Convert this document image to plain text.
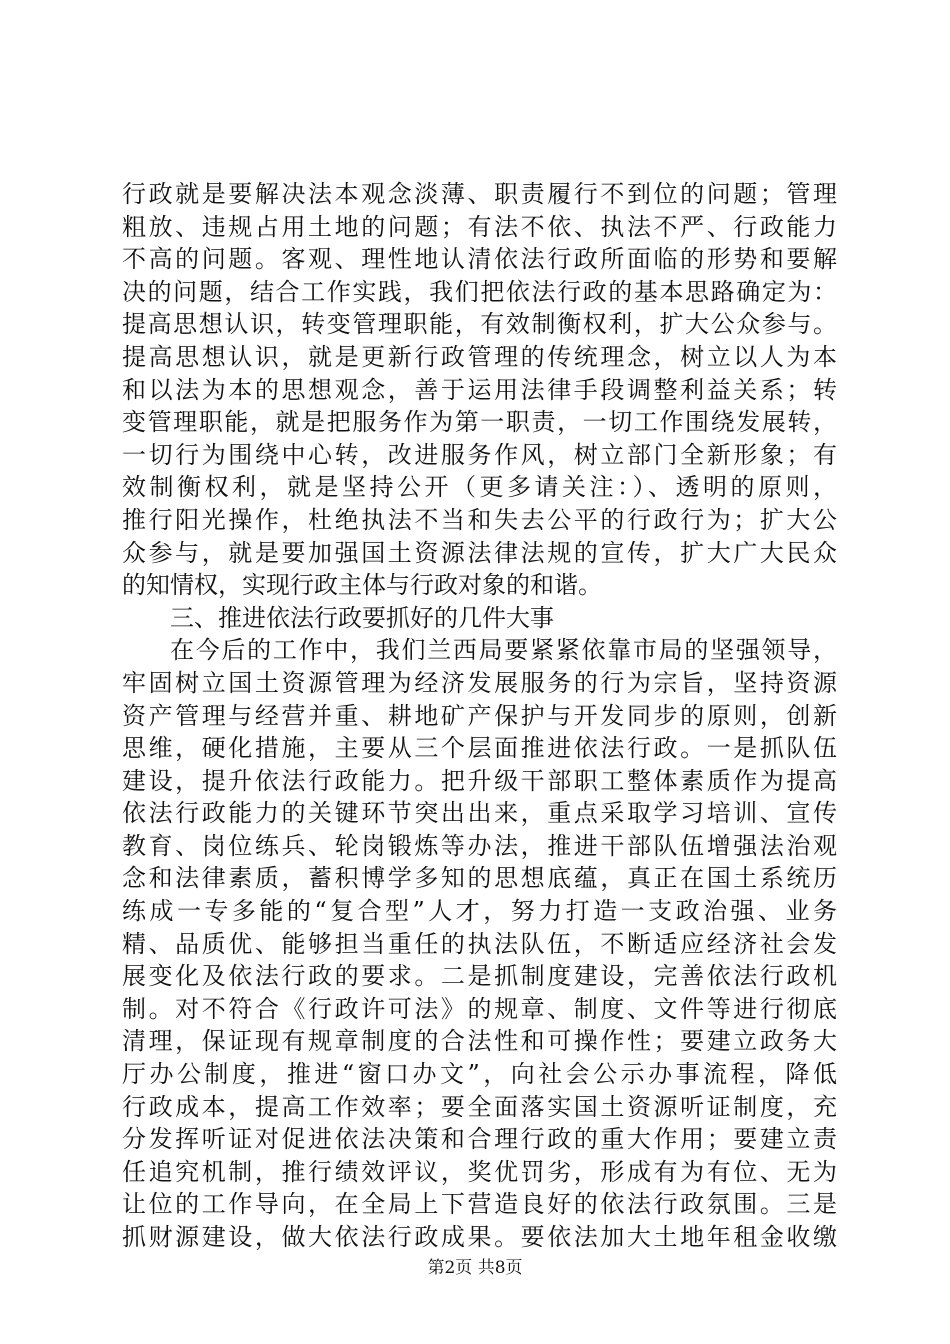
行政就是要解决法本观念淡薄、职责履行不到位的问题；管理
粗放、违规占用土地的问题；有法不依、执法不严、行政能力
不高的问题。客观、理性地认清依法行政所面临的形势和要解
决的问题，结合工作实践，我们把依法行政的基本思路确定为：
提高思想认识，转变管理职能，有效制衡权利，扩大公众参与。
提高思想认识，就是更新行政管理的传统理念，树立以人为本
和以法为本的思想观念，善于运用法律手段调整利益关系；转
变管理职能，就是把服务作为第一职责，一切工作围绕发展转，
一切行为围绕中心转，改进服务作风，树立部门全新形象；有
效制衡权利，就是坚持公开（更多请关注：）、透明的原则，
推行阳光操作，杜绝执法不当和失去公平的行政行为；扩大公
众参与，就是要加强国土资源法律法规的宣传，扩大广大民众
的知情权，实现行政主体与行政对象的和谐。
三、推进依法行政要抓好的几件大事
在今后的工作中，我们兰西局要紧紧依靠市局的坚强领导，
牢固树立国土资源管理为经济发展服务的行为宗旨，坚持资源
资产管理与经营并重、耕地矿产保护与开发同步的原则，创新
思维，硬化措施，主要从三个层面推进依法行政。一是抓队伍
建设，提升依法行政能力。把升级干部职工整体素质作为提高
依法行政能力的关键环节突出出来，重点采取学习培训、宣传
教育、岗位练兵、轮岗锻炼等办法，推进干部队伍增强法治观
念和法律素质，蓄积博学多知的思想底蕴，真正在国土系统历
练成一专多能的“复合型”人才，努力打造一支政治强、业务
精、品质优、能够担当重任的执法队伍，不断适应经济社会发
展变化及依法行政的要求。二是抓制度建设，完善依法行政机
制。对不符合《行政许可法》的规章、制度、文件等进行彻底
清理，保证现有规章制度的合法性和可操作性；要建立政务大
厅办公制度，推进“窗口办文”，向社会公示办事流程，降低
行政成本，提高工作效率；要全面落实国土资源听证制度，充
分发挥听证对促进依法决策和合理行政的重大作用；要建立责
任追究机制，推行绩效评议，奖优罚劣，形成有为有位、无为
让位的工作导向，在全局上下营造良好的依法行政氛围。三是
抓财源建设，做大依法行政成果。要依法加大土地年租金收缴
第2页 共8页
